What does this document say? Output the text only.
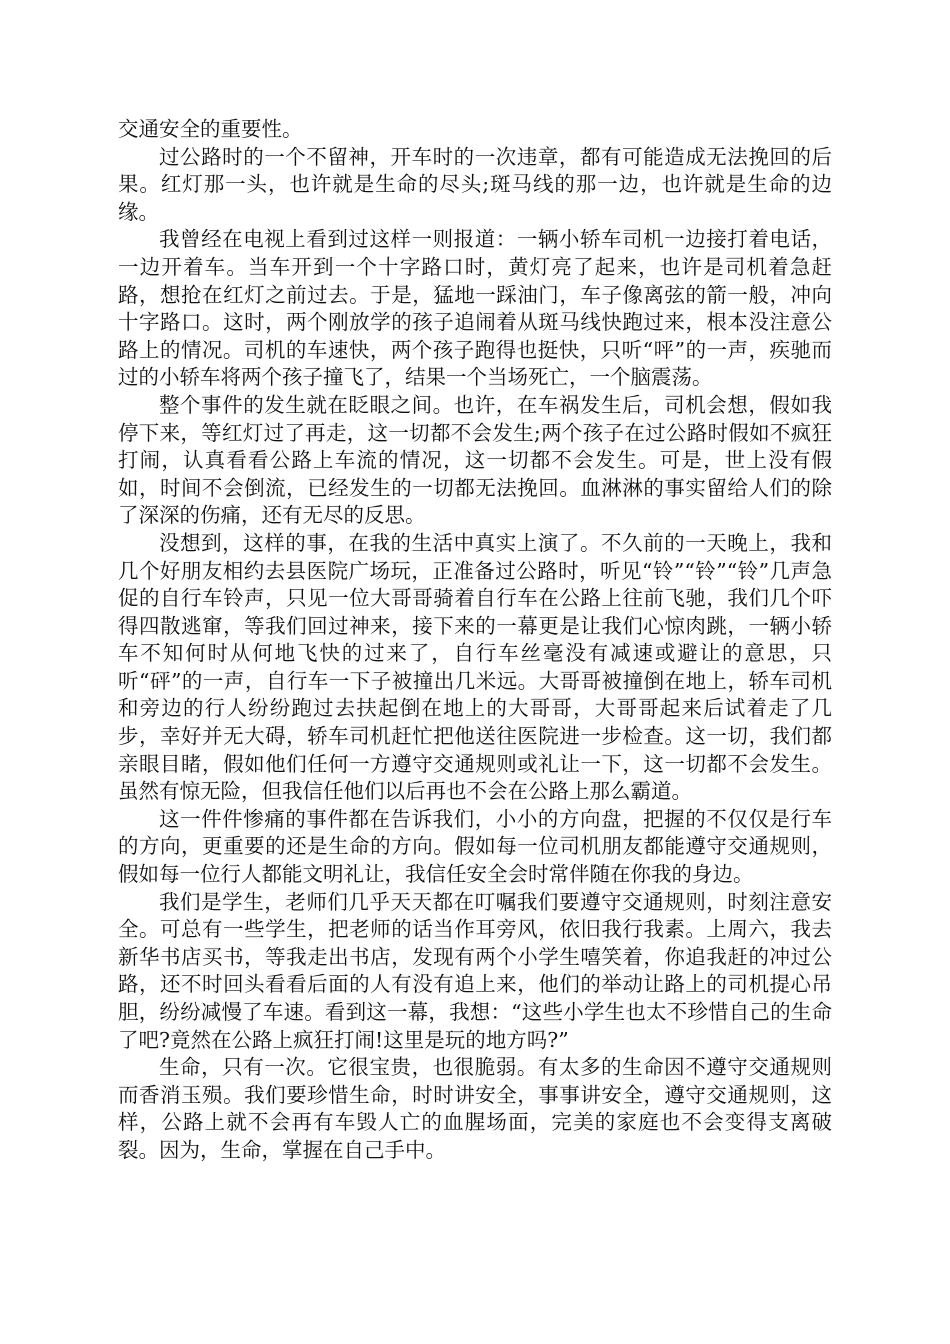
交通安全的重要性。

过公路时的一个不留神，开车时的一次违章，都有可能造成无法挽回的后果。红灯那一头，也许就是生命的尽头;斑马线的那一边，也许就是生命的边缘。

我曾经在电视上看到过这样一则报道：一辆小轿车司机一边接打着电话，一边开着车。当车开到一个十字路口时，黄灯亮了起来，也许是司机着急赶路，想抢在红灯之前过去。于是，猛地一踩油门，车子像离弦的箭一般，冲向十字路口。这时，两个刚放学的孩子追闹着从斑马线快跑过来，根本没注意公路上的情况。司机的车速快，两个孩子跑得也挺快，只听“呯”的一声，疾驰而过的小轿车将两个孩子撞飞了，结果一个当场死亡，一个脑震荡。

整个事件的发生就在眨眼之间。也许，在车祸发生后，司机会想，假如我停下来，等红灯过了再走，这一切都不会发生;两个孩子在过公路时假如不疯狂打闹，认真看看公路上车流的情况，这一切都不会发生。可是，世上没有假如，时间不会倒流，已经发生的一切都无法挽回。血淋淋的事实留给人们的除了深深的伤痛，还有无尽的反思。

没想到，这样的事，在我的生活中真实上演了。不久前的一天晚上，我和几个好朋友相约去县医院广场玩，正准备过公路时，听见“铃”“铃”“铃”几声急促的自行车铃声，只见一位大哥哥骑着自行车在公路上往前飞驰，我们几个吓得四散逃窜，等我们回过神来，接下来的一幕更是让我们心惊肉跳，一辆小轿车不知何时从何地飞快的过来了，自行车丝毫没有减速或避让的意思，只听“砰”的一声，自行车一下子被撞出几米远。大哥哥被撞倒在地上，轿车司机和旁边的行人纷纷跑过去扶起倒在地上的大哥哥，大哥哥起来后试着走了几步，幸好并无大碍，轿车司机赶忙把他送往医院进一步检查。这一切，我们都亲眼目睹，假如他们任何一方遵守交通规则或礼让一下，这一切都不会发生。虽然有惊无险，但我信任他们以后再也不会在公路上那么霸道。

这一件件惨痛的事件都在告诉我们，小小的方向盘，把握的不仅仅是行车的方向，更重要的还是生命的方向。假如每一位司机朋友都能遵守交通规则，假如每一位行人都能文明礼让，我信任安全会时常伴随在你我的身边。

我们是学生，老师们几乎天天都在叮嘱我们要遵守交通规则，时刻注意安全。可总有一些学生，把老师的话当作耳旁风，依旧我行我素。上周六，我去新华书店买书，等我走出书店，发现有两个小学生嘻笑着，你追我赶的冲过公路，还不时回头看看后面的人有没有追上来，他们的举动让路上的司机提心吊胆，纷纷减慢了车速。看到这一幕，我想：“这些小学生也太不珍惜自己的生命了吧?竟然在公路上疯狂打闹!这里是玩的地方吗?”

生命，只有一次。它很宝贵，也很脆弱。有太多的生命因不遵守交通规则而香消玉殒。我们要珍惜生命，时时讲安全，事事讲安全，遵守交通规则，这样，公路上就不会再有车毁人亡的血腥场面，完美的家庭也不会变得支离破裂。因为，生命，掌握在自己手中。
